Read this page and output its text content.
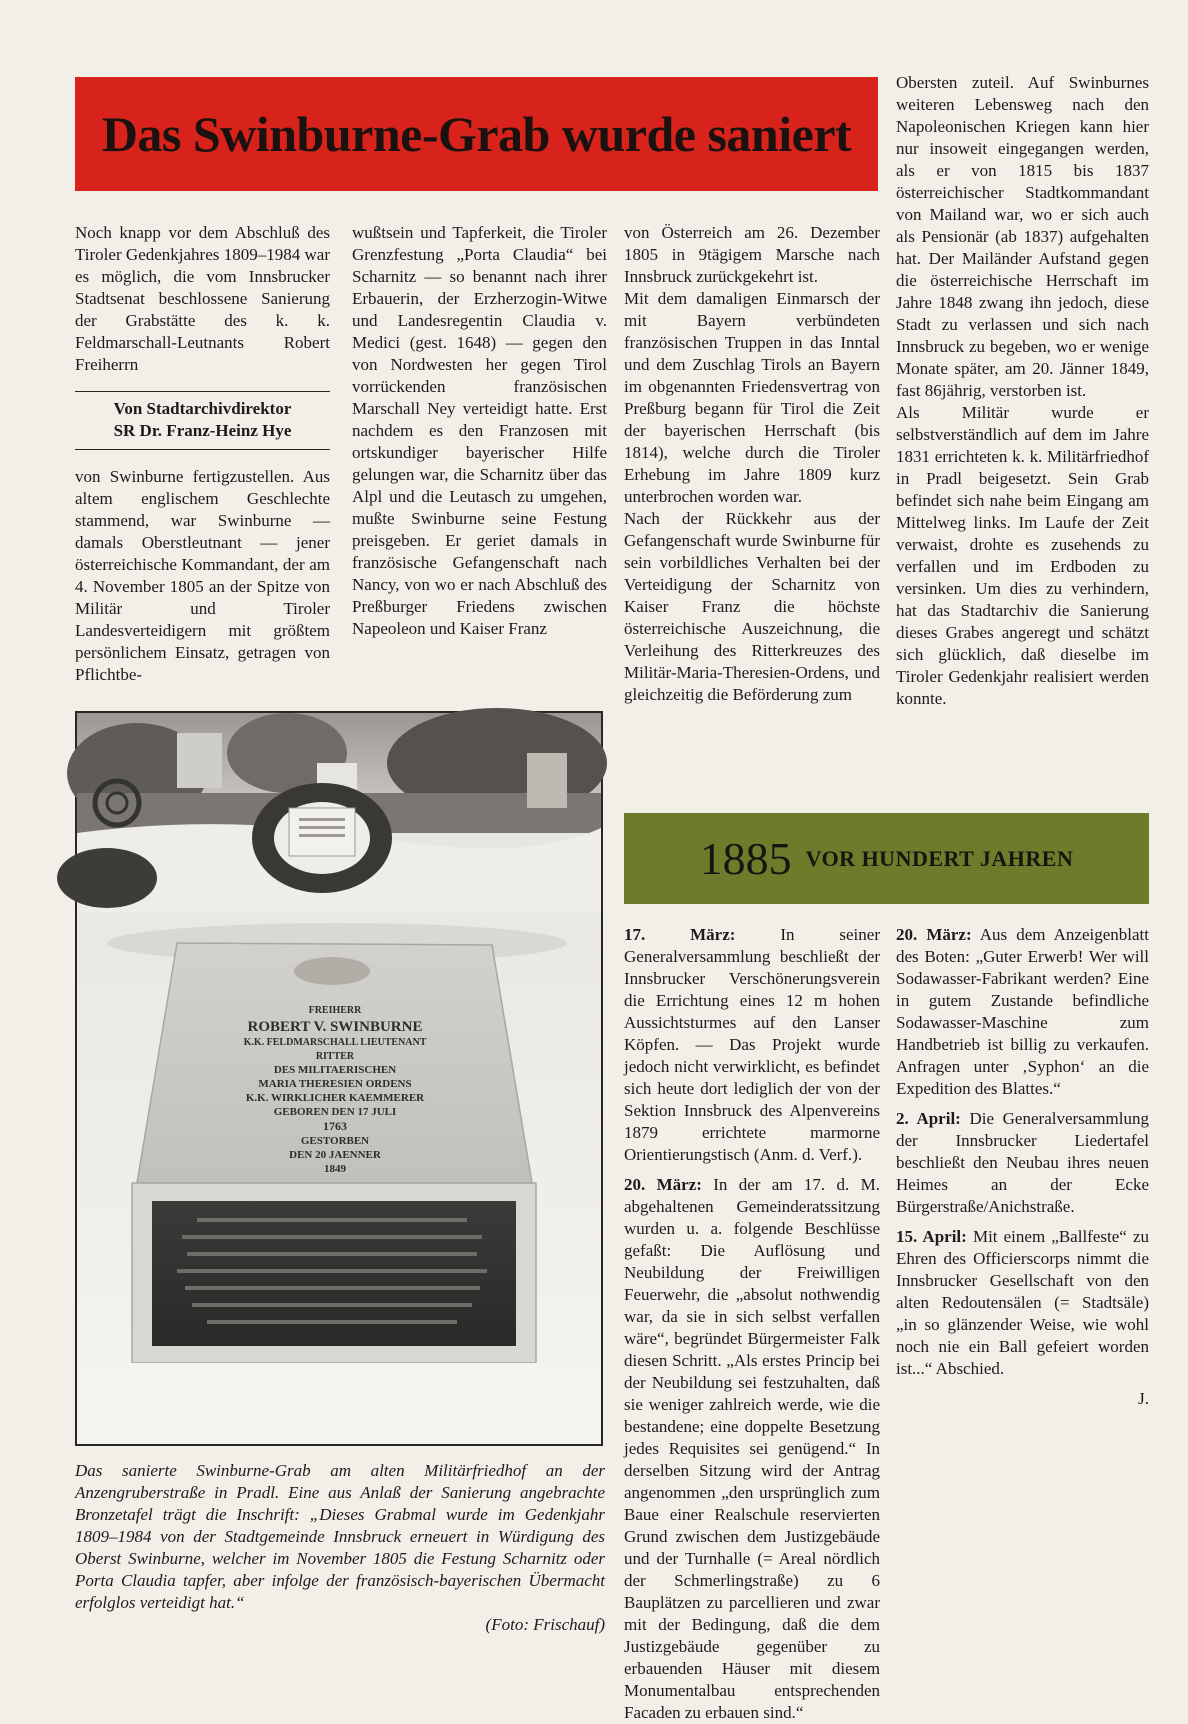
Das Swinburne-Grab wurde saniert

Noch knapp vor dem Abschluß des Tiroler Gedenkjahres 1809–1984 war es möglich, die vom Innsbrucker Stadtsenat beschlossene Sanierung der Grabstätte des k. k. Feldmarschall-Leutnants Robert Freiherrn

Von Stadtarchivdirektor
SR Dr. Franz-Heinz Hye

von Swinburne fertigzustellen. Aus altem englischem Geschlechte stammend, war Swinburne — damals Oberstleutnant — jener österreichische Kommandant, der am 4. November 1805 an der Spitze von Militär und Tiroler Landesverteidigern mit größtem persönlichem Einsatz, getragen von Pflichtbe-

wußtsein und Tapferkeit, die Tiroler Grenzfestung „Porta Claudia“ bei Scharnitz — so benannt nach ihrer Erbauerin, der Erzherzogin-Witwe und Landesregentin Claudia v. Medici (gest. 1648) — gegen den von Nordwesten her gegen Tirol vorrückenden französischen Marschall Ney verteidigt hatte. Erst nachdem es den Franzosen mit ortskundiger bayerischer Hilfe gelungen war, die Scharnitz über das Alpl und die Leutasch zu umgehen, mußte Swinburne seine Festung preisgeben. Er geriet damals in französische Gefangenschaft nach Nancy, von wo er nach Abschluß des Preßburger Friedens zwischen Napeoleon und Kaiser Franz

von Österreich am 26. Dezember 1805 in 9tägigem Marsche nach Innsbruck zurückgekehrt ist.

Mit dem damaligen Einmarsch der mit Bayern verbündeten französischen Truppen in das Inntal und dem Zuschlag Tirols an Bayern im obgenannten Friedensvertrag von Preßburg begann für Tirol die Zeit der bayerischen Herrschaft (bis 1814), welche durch die Tiroler Erhebung im Jahre 1809 kurz unterbrochen worden war.

Nach der Rückkehr aus der Gefangenschaft wurde Swinburne für sein vorbildliches Verhalten bei der Verteidigung der Scharnitz von Kaiser Franz die höchste österreichische Auszeichnung, die Verleihung des Ritterkreuzes des Militär-Maria-Theresien-Ordens, und gleichzeitig die Beförderung zum

Obersten zuteil. Auf Swinburnes weiteren Lebensweg nach den Napoleonischen Kriegen kann hier nur insoweit eingegangen werden, als er von 1815 bis 1837 österreichischer Stadtkommandant von Mailand war, wo er sich auch als Pensionär (ab 1837) aufgehalten hat. Der Mailänder Aufstand gegen die österreichische Herrschaft im Jahre 1848 zwang ihn jedoch, diese Stadt zu verlassen und sich nach Innsbruck zu begeben, wo er wenige Monate später, am 20. Jänner 1849, fast 86jährig, verstorben ist.

Als Militär wurde er selbstverständlich auf dem im Jahre 1831 errichteten k. k. Militärfriedhof in Pradl beigesetzt. Sein Grab befindet sich nahe beim Eingang am Mittelweg links. Im Laufe der Zeit verwaist, drohte es zusehends zu verfallen und im Erdboden zu versinken. Um dies zu verhindern, hat das Stadtarchiv die Sanierung dieses Grabes angeregt und schätzt sich glücklich, daß dieselbe im Tiroler Gedenkjahr realisiert werden konnte.

FREIHERR
ROBERT V. SWINBURNE
K.K. FELDMARSCHALL LIEUTENANT
RITTER
DES MILITAERISCHEN
MARIA THERESIEN ORDENS
K.K. WIRKLICHER KAEMMERER
GEBOREN DEN 17 JULI
1763
GESTORBEN
DEN 20 JAENNER
1849
Das sanierte Swinburne-Grab am alten Militärfriedhof an der Anzengruberstraße in Pradl. Eine aus Anlaß der Sanierung angebrachte Bronzetafel trägt die Inschrift: „Dieses Grabmal wurde im Gedenkjahr 1809–1984 von der Stadtgemeinde Innsbruck erneuert in Würdigung des Oberst Swinburne, welcher im November 1805 die Festung Scharnitz oder Porta Claudia tapfer, aber infolge der französisch-bayerischen Übermacht erfolglos verteidigt hat.“
(Foto: Frischauf)
1885 VOR HUNDERT JAHREN

17. März: In seiner Generalversammlung beschließt der Innsbrucker Verschönerungsverein die Errichtung eines 12 m hohen Aussichtsturmes auf den Lanser Köpfen. — Das Projekt wurde jedoch nicht verwirklicht, es befindet sich heute dort lediglich der von der Sektion Innsbruck des Alpenvereins 1879 errichtete marmorne Orientierungstisch (Anm. d. Verf.).

20. März: In der am 17. d. M. abgehaltenen Gemeinderatssitzung wurden u. a. folgende Beschlüsse gefaßt: Die Auflösung und Neubildung der Freiwilligen Feuerwehr, die „absolut nothwendig war, da sie in sich selbst verfallen wäre“, begründet Bürgermeister Falk diesen Schritt. „Als erstes Princip bei der Neubildung sei festzuhalten, daß sie weniger zahlreich werde, wie die bestandene; eine doppelte Besetzung jedes Requisites sei genügend.“ In derselben Sitzung wird der Antrag angenommen „den ursprünglich zum Baue einer Realschule reservierten Grund zwischen dem Justizgebäude und der Turnhalle (= Areal nördlich der Schmerlingstraße) zu 6 Bauplätzen zu parcellieren und zwar mit der Bedingung, daß die dem Justizgebäude gegenüber zu erbauenden Häuser mit diesem Monumentalbau entsprechenden Facaden zu erbauen sind.“

20. März: Aus dem Anzeigenblatt des Boten: „Guter Erwerb! Wer will Sodawasser-Fabrikant werden? Eine in gutem Zustande befindliche Sodawasser-Maschine zum Handbetrieb ist billig zu verkaufen. Anfragen unter ‚Syphon‘ an die Expedition des Blattes.“

2. April: Die Generalversammlung der Innsbrucker Liedertafel beschließt den Neubau ihres neuen Heimes an der Ecke Bürgerstraße/Anichstraße.

15. April: Mit einem „Ballfeste“ zu Ehren des Officierscorps nimmt die Innsbrucker Gesellschaft von den alten Redoutensälen (= Stadtsäle) „in so glänzender Weise, wie wohl noch nie ein Ball gefeiert worden ist...“ Abschied.

J.
